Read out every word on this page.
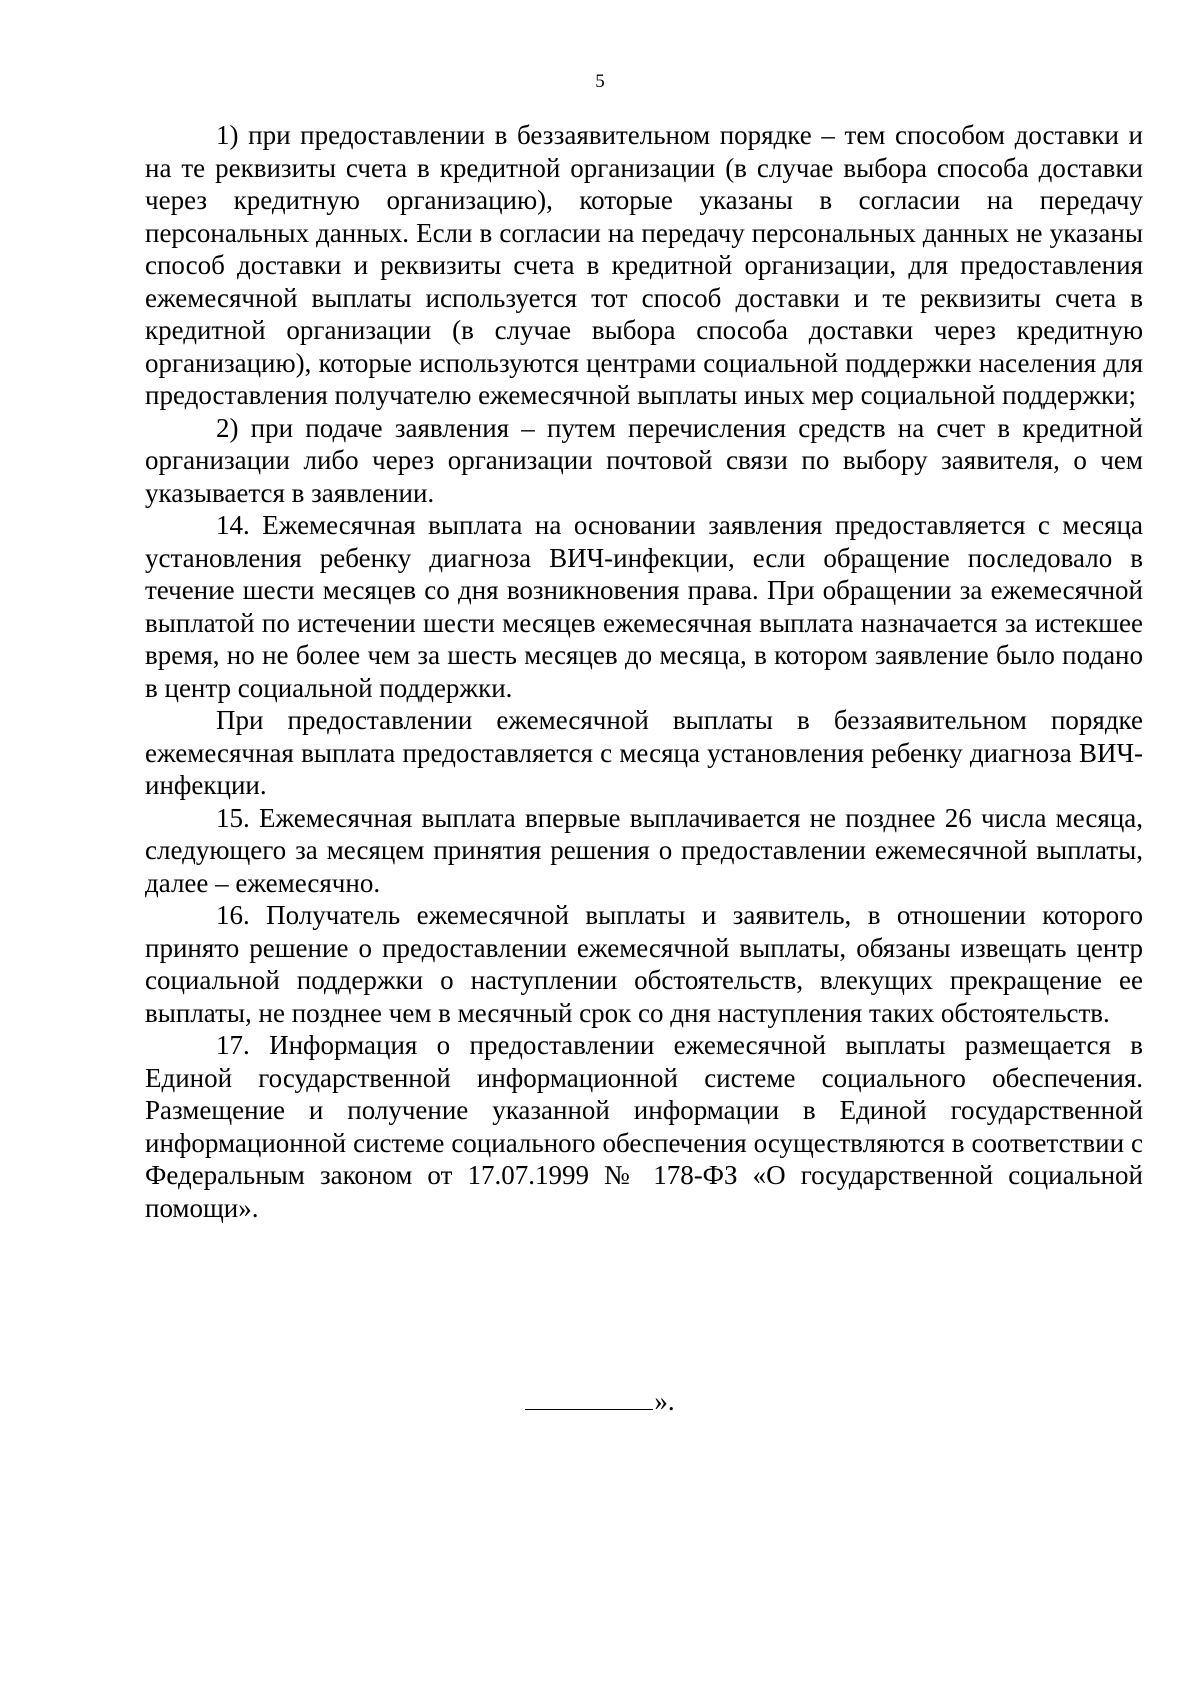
5

1) при предоставлении в беззаявительном порядке – тем способом доставки и на те реквизиты счета в кредитной организации (в случае выбора способа доставки через кредитную организацию), которые указаны в согласии на передачу персональных данных. Если в согласии на передачу персональных данных не указаны способ доставки и реквизиты счета в кредитной организации, для предоставления ежемесячной выплаты используется тот способ доставки и те реквизиты счета в кредитной организации (в случае выбора способа доставки через кредитную организацию), которые используются центрами социальной поддержки населения для предоставления получателю ежемесячной выплаты иных мер социальной поддержки;

2) при подаче заявления – путем перечисления средств на счет в кредитной организации либо через организации почтовой связи по выбору заявителя, о чем указывается в заявлении.

14. Ежемесячная выплата на основании заявления предоставляется с месяца установления ребенку диагноза ВИЧ-инфекции, если обращение последовало в течение шести месяцев со дня возникновения права. При обращении за ежемесячной выплатой по истечении шести месяцев ежемесячная выплата назначается за истекшее время, но не более чем за шесть месяцев до месяца, в котором заявление было подано в центр социальной поддержки.

При предоставлении ежемесячной выплаты в беззаявительном порядке ежемесячная выплата предоставляется с месяца установления ребенку диагноза ВИЧ-инфекции.

15. Ежемесячная выплата впервые выплачивается не позднее 26 числа месяца, следующего за месяцем принятия решения о предоставлении ежемесячной выплаты, далее – ежемесячно.

16. Получатель ежемесячной выплаты и заявитель, в отношении которого принято решение о предоставлении ежемесячной выплаты, обязаны извещать центр социальной поддержки о наступлении обстоятельств, влекущих прекращение ее выплаты, не позднее чем в месячный срок со дня наступления таких обстоятельств.

17. Информация о предоставлении ежемесячной выплаты размещается в Единой государственной информационной системе социального обеспечения. Размещение и получение указанной информации в Единой государственной информационной системе социального обеспечения осуществляются в соответствии с Федеральным законом от 17.07.1999 № 178-ФЗ «О государственной социальной помощи».

».
